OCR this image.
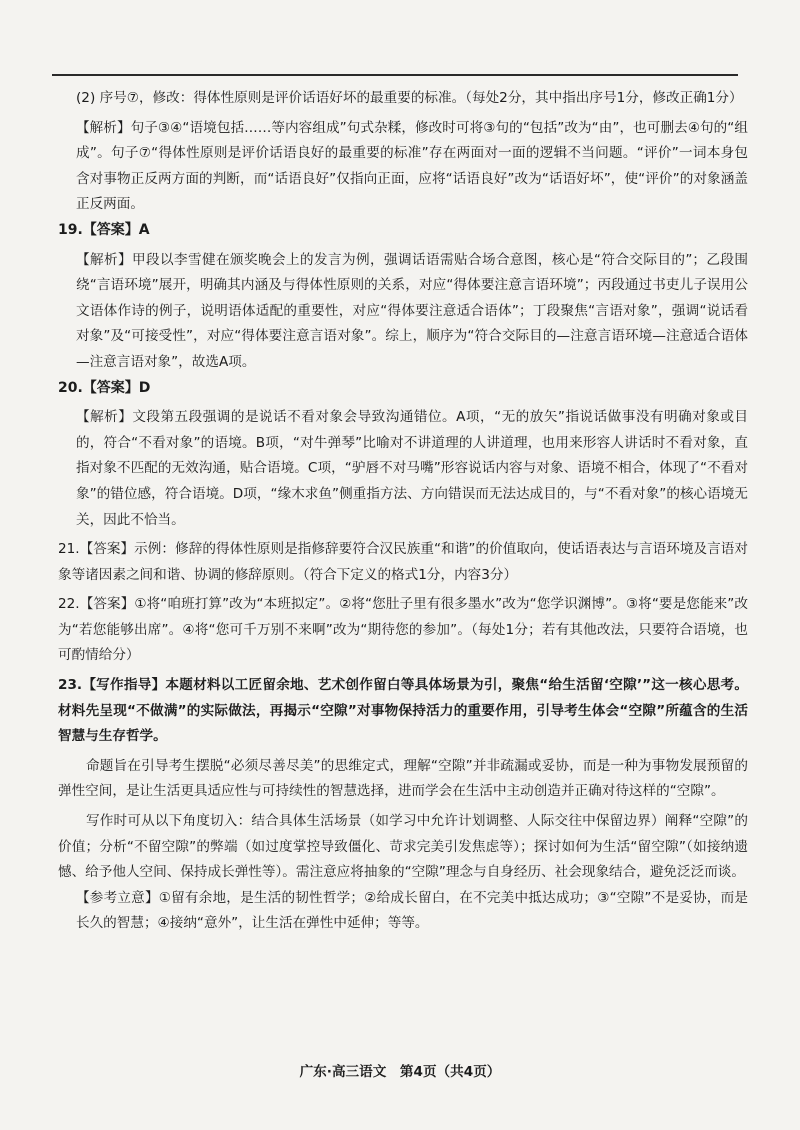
(2) 序号⑦，修改：得体性原则是评价话语好坏的最重要的标准。（每处2分，其中指出序号1分，修改正确1分）

【解析】句子③④“语境包括……等内容组成”句式杂糅，修改时可将③句的“包括”改为“由”，也可删去④句的“组成”。句子⑦“得体性原则是评价话语良好的最重要的标准”存在两面对一面的逻辑不当问题。“评价”一词本身包含对事物正反两方面的判断，而“话语良好”仅指向正面，应将“话语良好”改为“话语好坏”，使“评价”的对象涵盖正反两面。

19.【答案】A

【解析】甲段以李雪健在颁奖晚会上的发言为例，强调话语需贴合场合意图，核心是“符合交际目的”；乙段围绕“言语环境”展开，明确其内涵及与得体性原则的关系，对应“得体要注意言语环境”；丙段通过书吏儿子误用公文语体作诗的例子，说明语体适配的重要性，对应“得体要注意适合语体”；丁段聚焦“言语对象”，强调“说话看对象”及“可接受性”，对应“得体要注意言语对象”。综上，顺序为“符合交际目的—注意言语环境—注意适合语体—注意言语对象”，故选A项。

20.【答案】D

【解析】文段第五段强调的是说话不看对象会导致沟通错位。A项，“无的放矢”指说话做事没有明确对象或目的，符合“不看对象”的语境。B项，“对牛弹琴”比喻对不讲道理的人讲道理，也用来形容人讲话时不看对象，直指对象不匹配的无效沟通，贴合语境。C项，“驴唇不对马嘴”形容说话内容与对象、语境不相合，体现了“不看对象”的错位感，符合语境。D项，“缘木求鱼”侧重指方法、方向错误而无法达成目的，与“不看对象”的核心语境无关，因此不恰当。

21.【答案】示例：修辞的得体性原则是指修辞要符合汉民族重“和谐”的价值取向，使话语表达与言语环境及言语对象等诸因素之间和谐、协调的修辞原则。（符合下定义的格式1分，内容3分）

22.【答案】①将“咱班打算”改为“本班拟定”。②将“您肚子里有很多墨水”改为“您学识渊博”。③将“要是您能来”改为“若您能够出席”。④将“您可千万别不来啊”改为“期待您的参加”。（每处1分；若有其他改法，只要符合语境，也可酌情给分）

23.【写作指导】本题材料以工匠留余地、艺术创作留白等具体场景为引，聚焦“给生活留‘空隙’”这一核心思考。材料先呈现“不做满”的实际做法，再揭示“空隙”对事物保持活力的重要作用，引导考生体会“空隙”所蕴含的生活智慧与生存哲学。

命题旨在引导考生摆脱“必须尽善尽美”的思维定式，理解“空隙”并非疏漏或妥协，而是一种为事物发展预留的弹性空间，是让生活更具适应性与可持续性的智慧选择，进而学会在生活中主动创造并正确对待这样的“空隙”。

写作时可从以下角度切入：结合具体生活场景（如学习中允许计划调整、人际交往中保留边界）阐释“空隙”的价值；分析“不留空隙”的弊端（如过度掌控导致僵化、苛求完美引发焦虑等）；探讨如何为生活“留空隙”（如接纳遗憾、给予他人空间、保持成长弹性等）。需注意应将抽象的“空隙”理念与自身经历、社会现象结合，避免泛泛而谈。

【参考立意】①留有余地，是生活的韧性哲学；②给成长留白，在不完美中抵达成功；③“空隙”不是妥协，而是长久的智慧；④接纳“意外”，让生活在弹性中延伸；等等。

广东·高三语文　第4页（共4页）
